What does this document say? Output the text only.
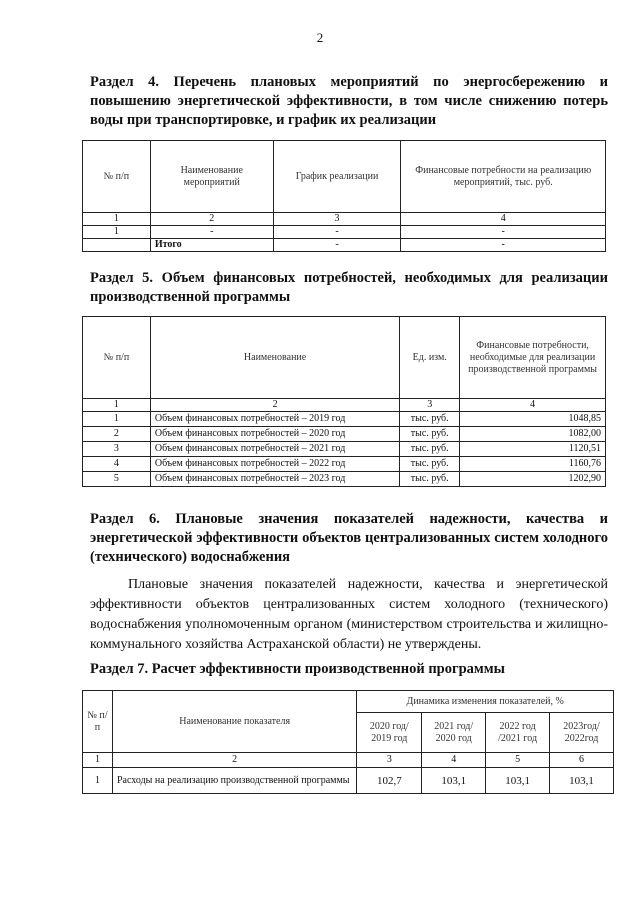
2
Раздел 4. Перечень плановых мероприятий по энергосбережению и повышению энергетической эффективности, в том числе снижению потерь воды при транспортировке, и график их реализации
№ п/п	Наименование мероприятий	График реализации	Финансовые потребности на реализацию мероприятий, тыс. руб.
1	2	3	4
1	-	-	-
	Итого	-	-
Раздел 5. Объем финансовых потребностей, необходимых для реализации производственной программы
№ п/п	Наименование	Ед. изм.	Финансовые потребности, необходимые для реализации производственной программы
1	2	3	4
1	Объем финансовых потребностей – 2019 год	тыс. руб.	1048,85
2	Объем финансовых потребностей – 2020 год	тыс. руб.	1082,00
3	Объем финансовых потребностей – 2021 год	тыс. руб.	1120,51
4	Объем финансовых потребностей – 2022 год	тыс. руб.	1160,76
5	Объем финансовых потребностей – 2023 год	тыс. руб.	1202,90
Раздел 6. Плановые значения показателей надежности, качества и энергетической эффективности объектов централизованных систем холодного (технического) водоснабжения
Плановые значения показателей надежности, качества и энергетической эффективности объектов централизованных систем холодного (технического) водоснабжения уполномоченным органом (министерством строительства и жилищно-коммунального хозяйства Астраханской области) не утверждены.
Раздел 7. Расчет эффективности производственной программы
№ п/п	Наименование показателя	Динамика изменения показателей, %			
		2020 год/ 2019 год	2021 год/ 2020 год	2022 год /2021 год	2023год/ 2022год
1	2	3	4	5	6
1	Расходы на реализацию производственной программы	102,7	103,1	103,1	103,1
